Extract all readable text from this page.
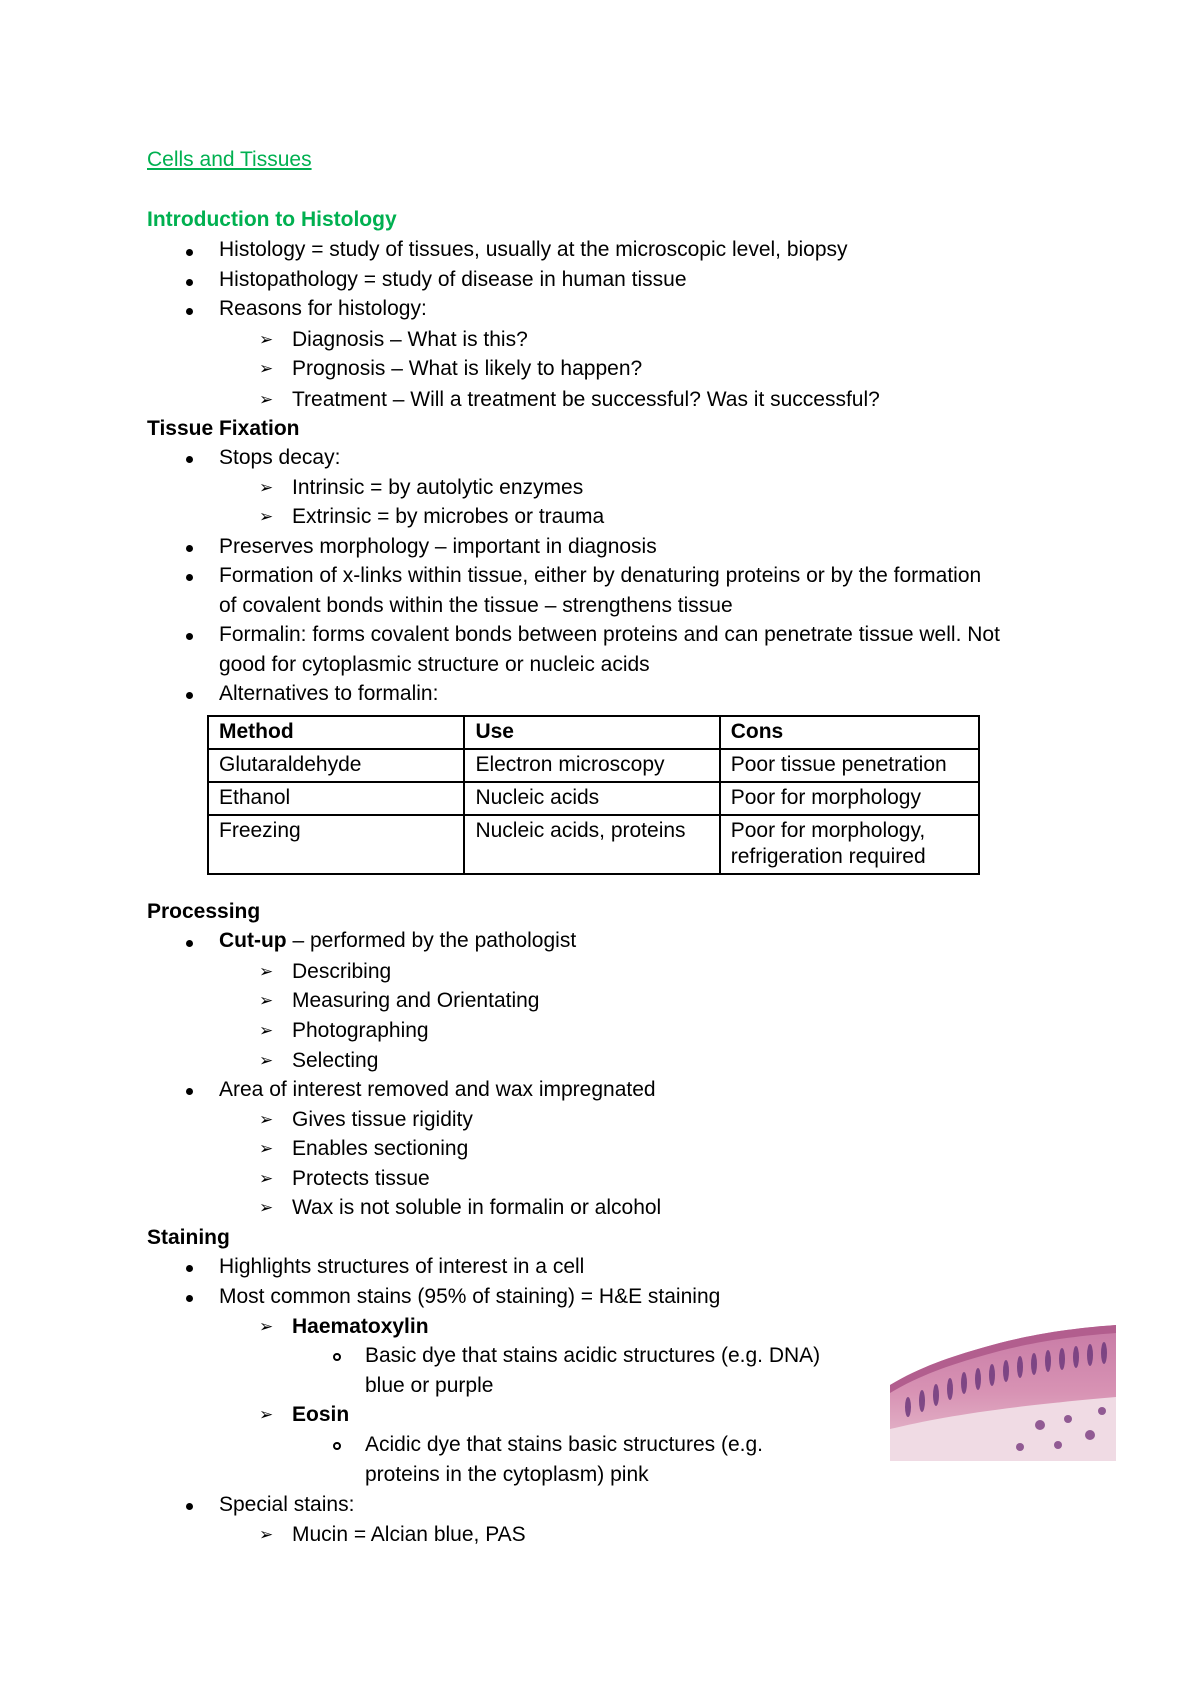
Cells and Tissues
Introduction to Histology
Histology = study of tissues, usually at the microscopic level, biopsy
Histopathology = study of disease in human tissue
Reasons for histology:
➢ Diagnosis – What is this?
➢ Prognosis – What is likely to happen?
➢ Treatment – Will a treatment be successful? Was it successful?
Tissue Fixation
Stops decay:
➢ Intrinsic = by autolytic enzymes
➢ Extrinsic = by microbes or trauma
Preserves morphology – important in diagnosis
Formation of x-links within tissue, either by denaturing proteins or by the formation
of covalent bonds within the tissue – strengthens tissue
Formalin: forms covalent bonds between proteins and can penetrate tissue well. Not
good for cytoplasmic structure or nucleic acids
Alternatives to formalin:
Method	Use	Cons
Glutaraldehyde	Electron microscopy	Poor tissue penetration
Ethanol	Nucleic acids	Poor for morphology
Freezing	Nucleic acids, proteins	Poor for morphology, refrigeration required
Processing
Cut-up – performed by the pathologist
➢ Describing
➢ Measuring and Orientating
➢ Photographing
➢ Selecting
Area of interest removed and wax impregnated
➢ Gives tissue rigidity
➢ Enables sectioning
➢ Protects tissue
➢ Wax is not soluble in formalin or alcohol
Staining
Highlights structures of interest in a cell
Most common stains (95% of staining) = H&E staining
➢ Haematoxylin
Basic dye that stains acidic structures (e.g. DNA)
blue or purple
➢ Eosin
Acidic dye that stains basic structures (e.g.
proteins in the cytoplasm) pink
Special stains:
➢ Mucin = Alcian blue, PAS
